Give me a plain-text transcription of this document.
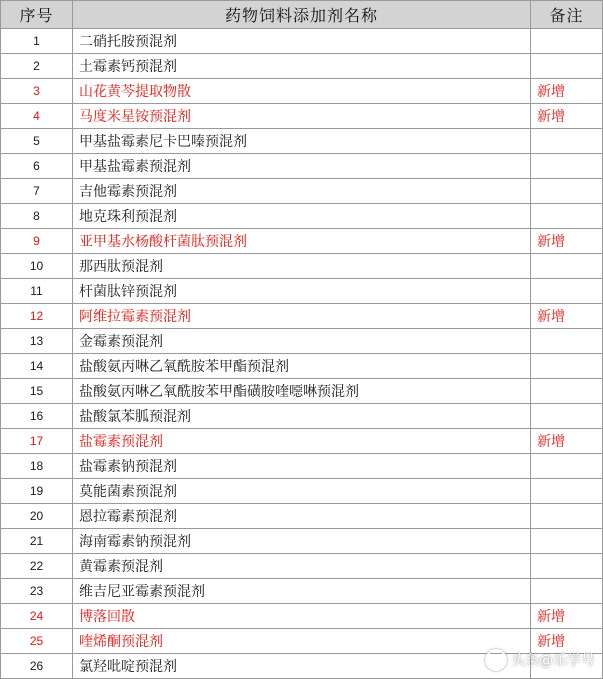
序号	药物饲料添加剂名称	备注
1	二硝托胺预混剂	
2	土霉素钙预混剂	
3	山花黄芩提取物散	新增
4	马度米星铵预混剂	新增
5	甲基盐霉素尼卡巴嗪预混剂	
6	甲基盐霉素预混剂	
7	吉他霉素预混剂	
8	地克珠利预混剂	
9	亚甲基水杨酸杆菌肽预混剂	新增
10	那西肽预混剂	
11	杆菌肽锌预混剂	
12	阿维拉霉素预混剂	新增
13	金霉素预混剂	
14	盐酸氨丙啉乙氧酰胺苯甲酯预混剂	
15	盐酸氨丙啉乙氧酰胺苯甲酯磺胺喹噁啉预混剂	
16	盐酸氯苯胍预混剂	
17	盐霉素预混剂	新增
18	盐霉素钠预混剂	
19	莫能菌素预混剂	
20	恩拉霉素预混剂	
21	海南霉素钠预混剂	
22	黄霉素预混剂	
23	维吉尼亚霉素预混剂	
24	博落回散	新增
25	喹烯酮预混剂	新增
26	氯羟吡啶预混剂		头条@乐学号
